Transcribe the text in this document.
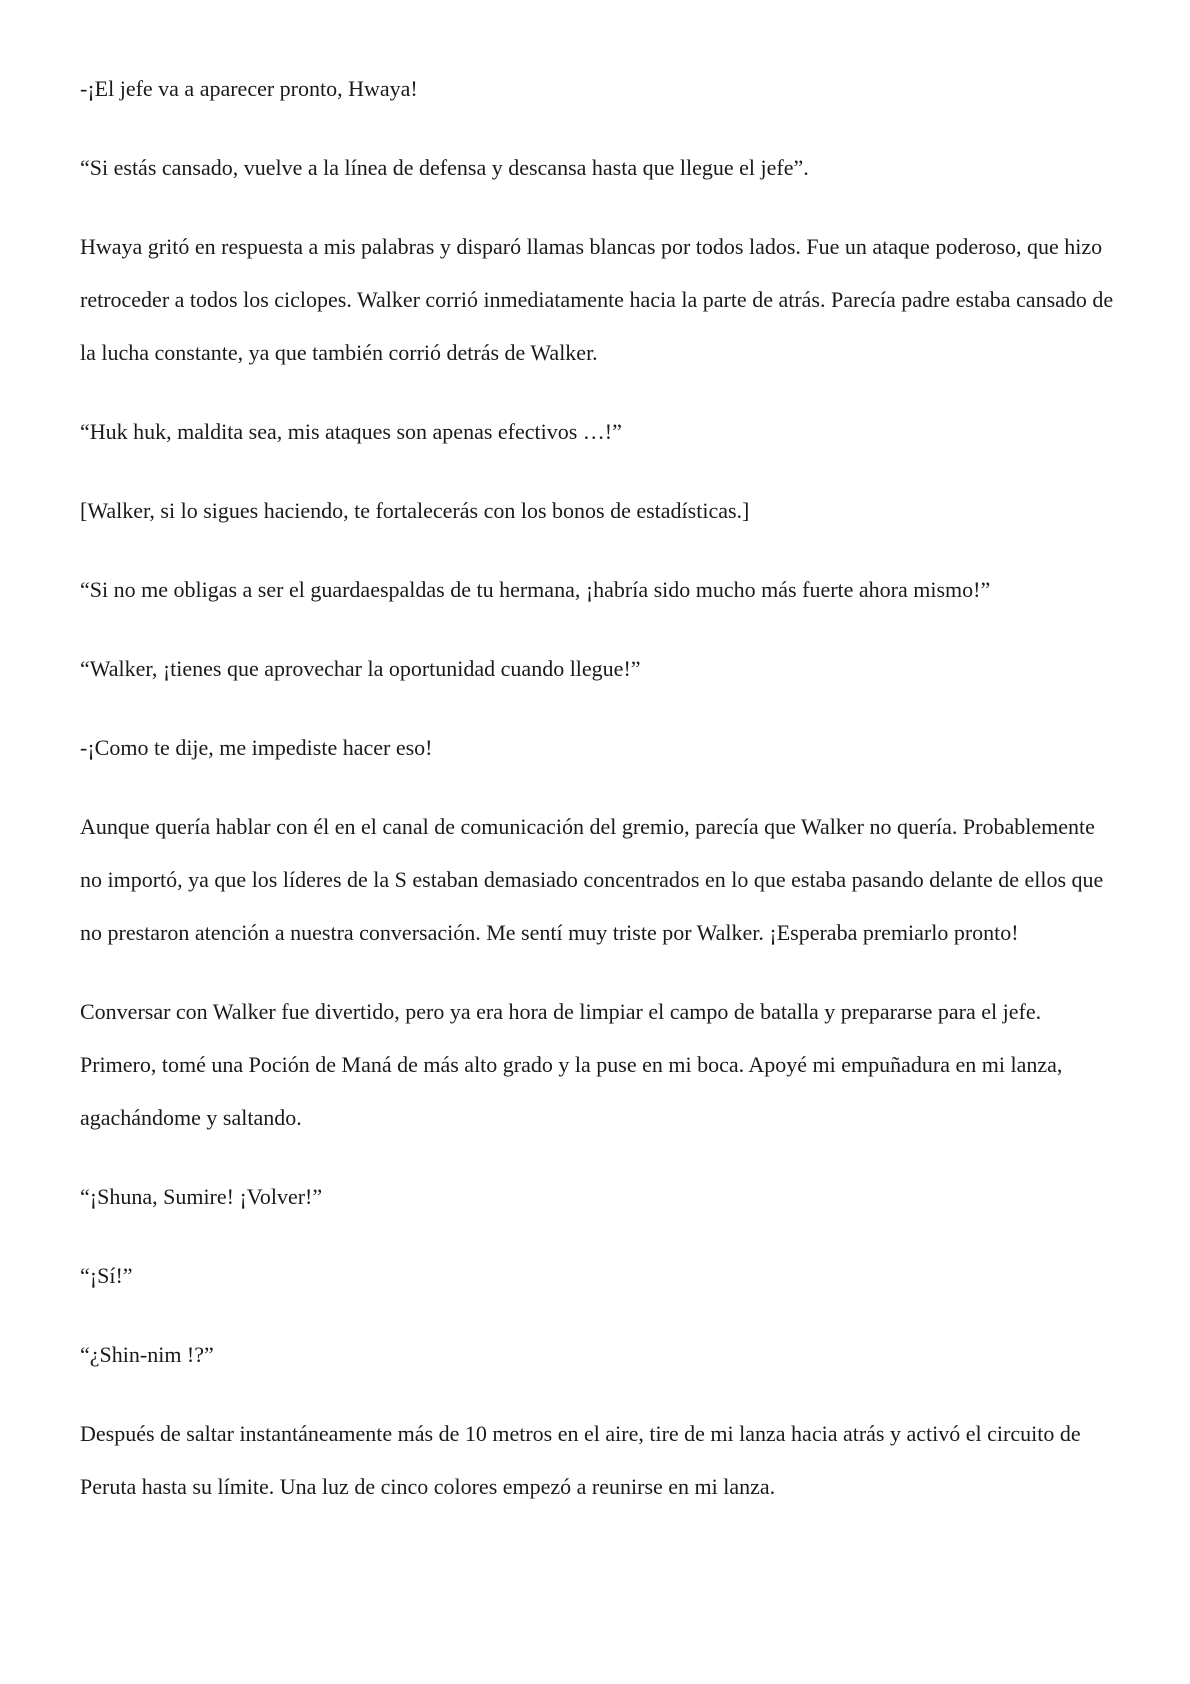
-¡El jefe va a aparecer pronto, Hwaya!

“Si estás cansado, vuelve a la línea de defensa y descansa hasta que llegue el jefe”.

Hwaya gritó en respuesta a mis palabras y disparó llamas blancas por todos lados. Fue un ataque poderoso, que hizo retroceder a todos los ciclopes. Walker corrió inmediatamente hacia la parte de atrás. Parecía padre estaba cansado de la lucha constante, ya que también corrió detrás de Walker.

“Huk huk, maldita sea, mis ataques son apenas efectivos …!”

[Walker, si lo sigues haciendo, te fortalecerás con los bonos de estadísticas.]

“Si no me obligas a ser el guardaespaldas de tu hermana, ¡habría sido mucho más fuerte ahora mismo!”

“Walker, ¡tienes que aprovechar la oportunidad cuando llegue!”

-¡Como te dije, me impediste hacer eso!

Aunque quería hablar con él en el canal de comunicación del gremio, parecía que Walker no quería. Probablemente no importó, ya que los líderes de la S estaban demasiado concentrados en lo que estaba pasando delante de ellos que no prestaron atención a nuestra conversación. Me sentí muy triste por Walker. ¡Esperaba premiarlo pronto!

Conversar con Walker fue divertido, pero ya era hora de limpiar el campo de batalla y prepararse para el jefe. Primero, tomé una Poción de Maná de más alto grado y la puse en mi boca. Apoyé mi empuñadura en mi lanza, agachándome y saltando.

“¡Shuna, Sumire! ¡Volver!”

“¡Sí!”

“¿Shin-nim !?”

Después de saltar instantáneamente más de 10 metros en el aire, tire de mi lanza hacia atrás y activó el circuito de Peruta hasta su límite. Una luz de cinco colores empezó a reunirse en mi lanza.
